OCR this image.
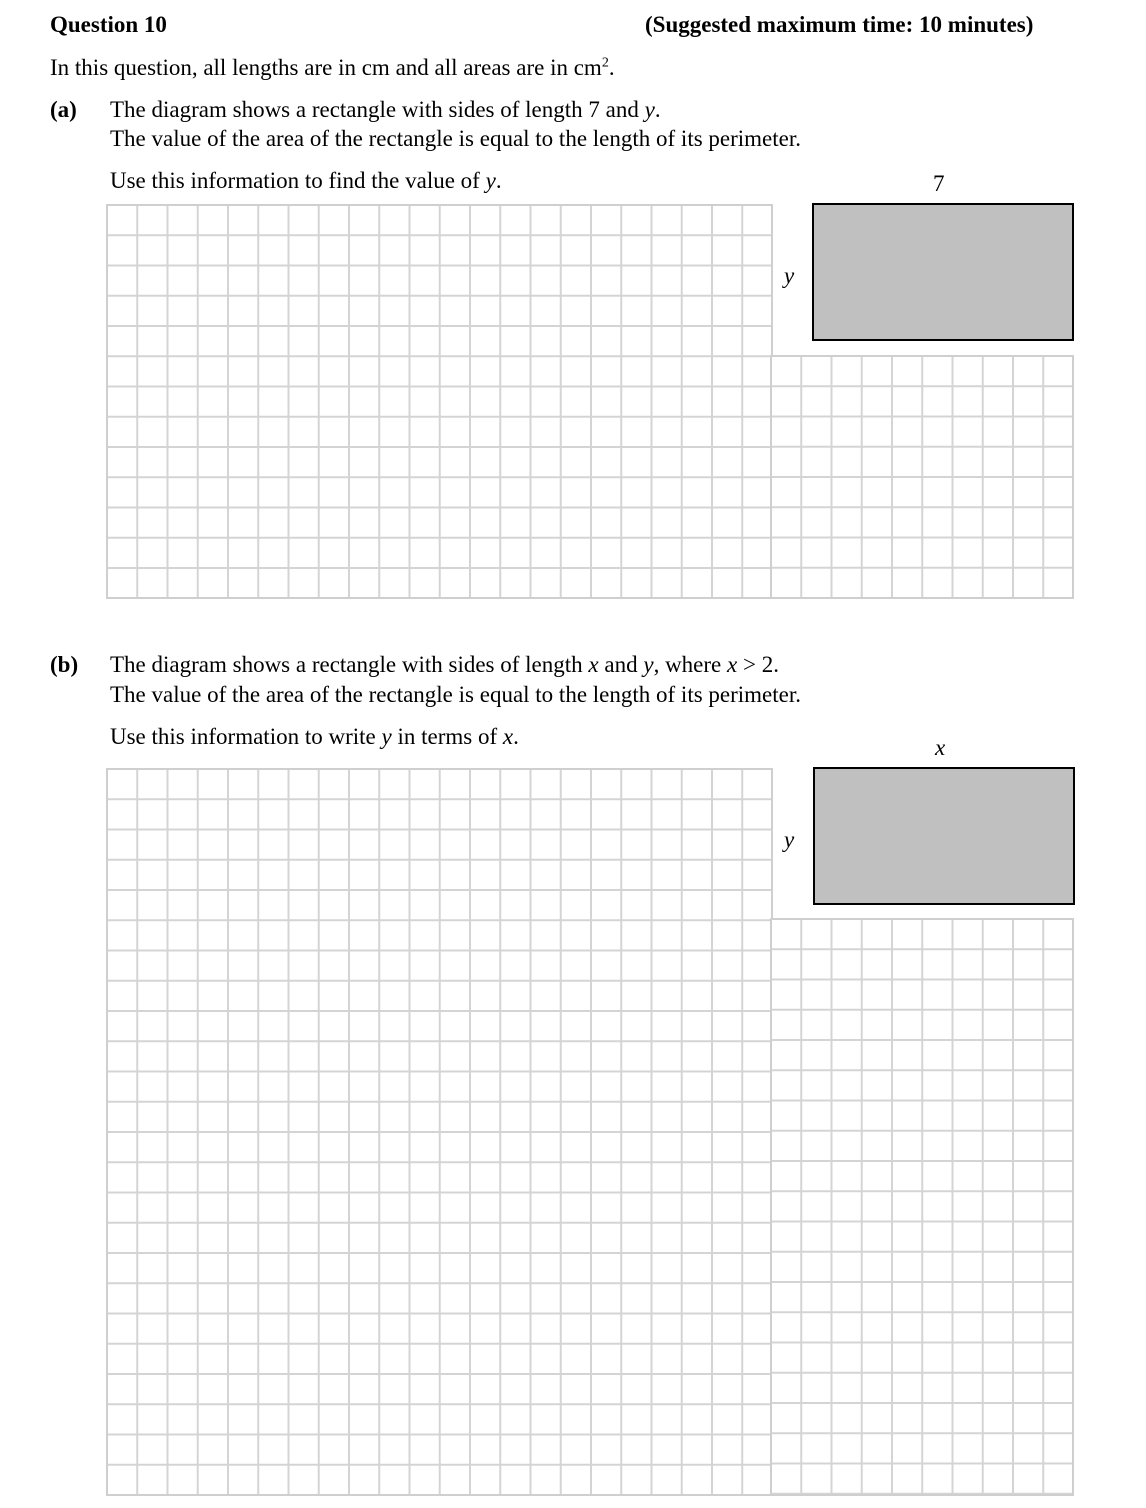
Question 10	(Suggested maximum time: 10 minutes)
In this question, all lengths are in cm and all areas are in $cm^2$.
(a) The diagram shows a rectangle with sides of length 7 and y.
The value of the area of the rectangle is equal to the length of its perimeter.
Use this information to find the value of y.	7
y
(b) The diagram shows a rectangle with sides of length x and y, where x > 2.
The value of the area of the rectangle is equal to the length of its perimeter.
Use this information to write y in terms of x.	x
y
